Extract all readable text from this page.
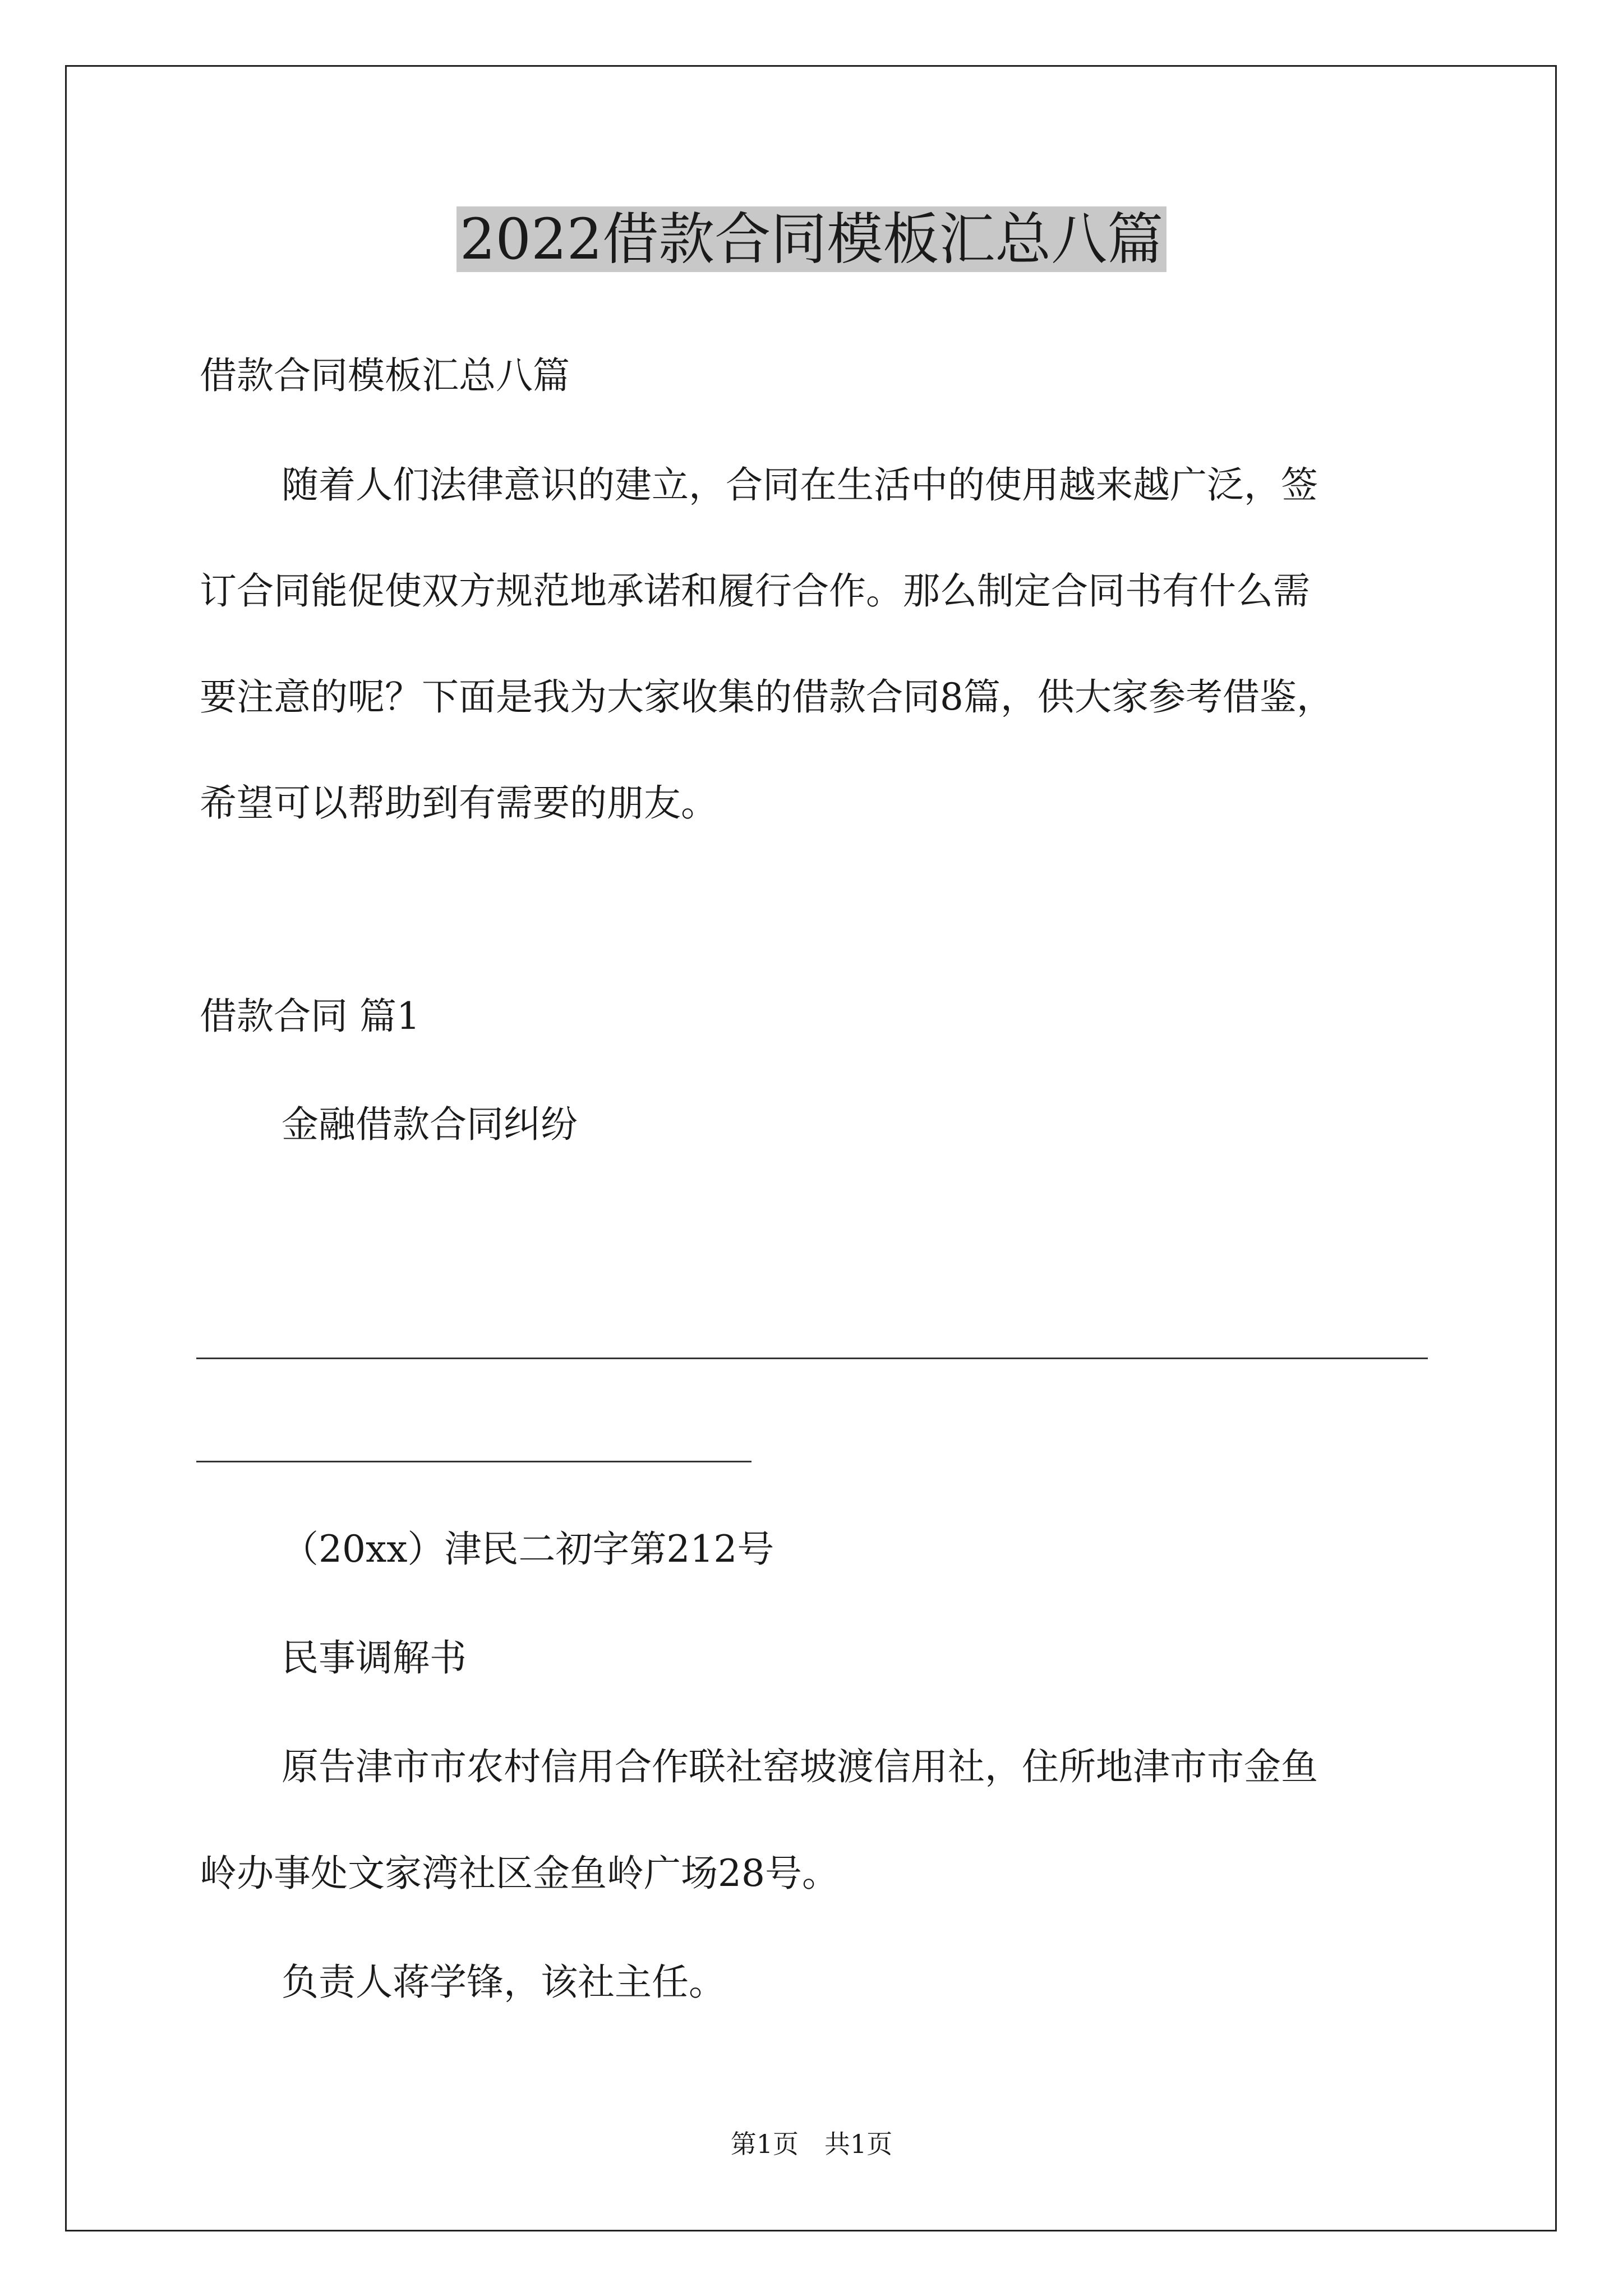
2022借款合同模板汇总八篇
借款合同模板汇总八篇
随着人们法律意识的建立，合同在生活中的使用越来越广泛，签
订合同能促使双方规范地承诺和履行合作。那么制定合同书有什么需
要注意的呢？下面是我为大家收集的借款合同8篇，供大家参考借鉴，
希望可以帮助到有需要的朋友。
借款合同 篇1
金融借款合同纠纷
（20xx）津民二初字第212号
民事调解书
原告津市市农村信用合作联社窑坡渡信用社，住所地津市市金鱼
岭办事处文家湾社区金鱼岭广场28号。
负责人蒋学锋，该社主任。
第1页　共1页
